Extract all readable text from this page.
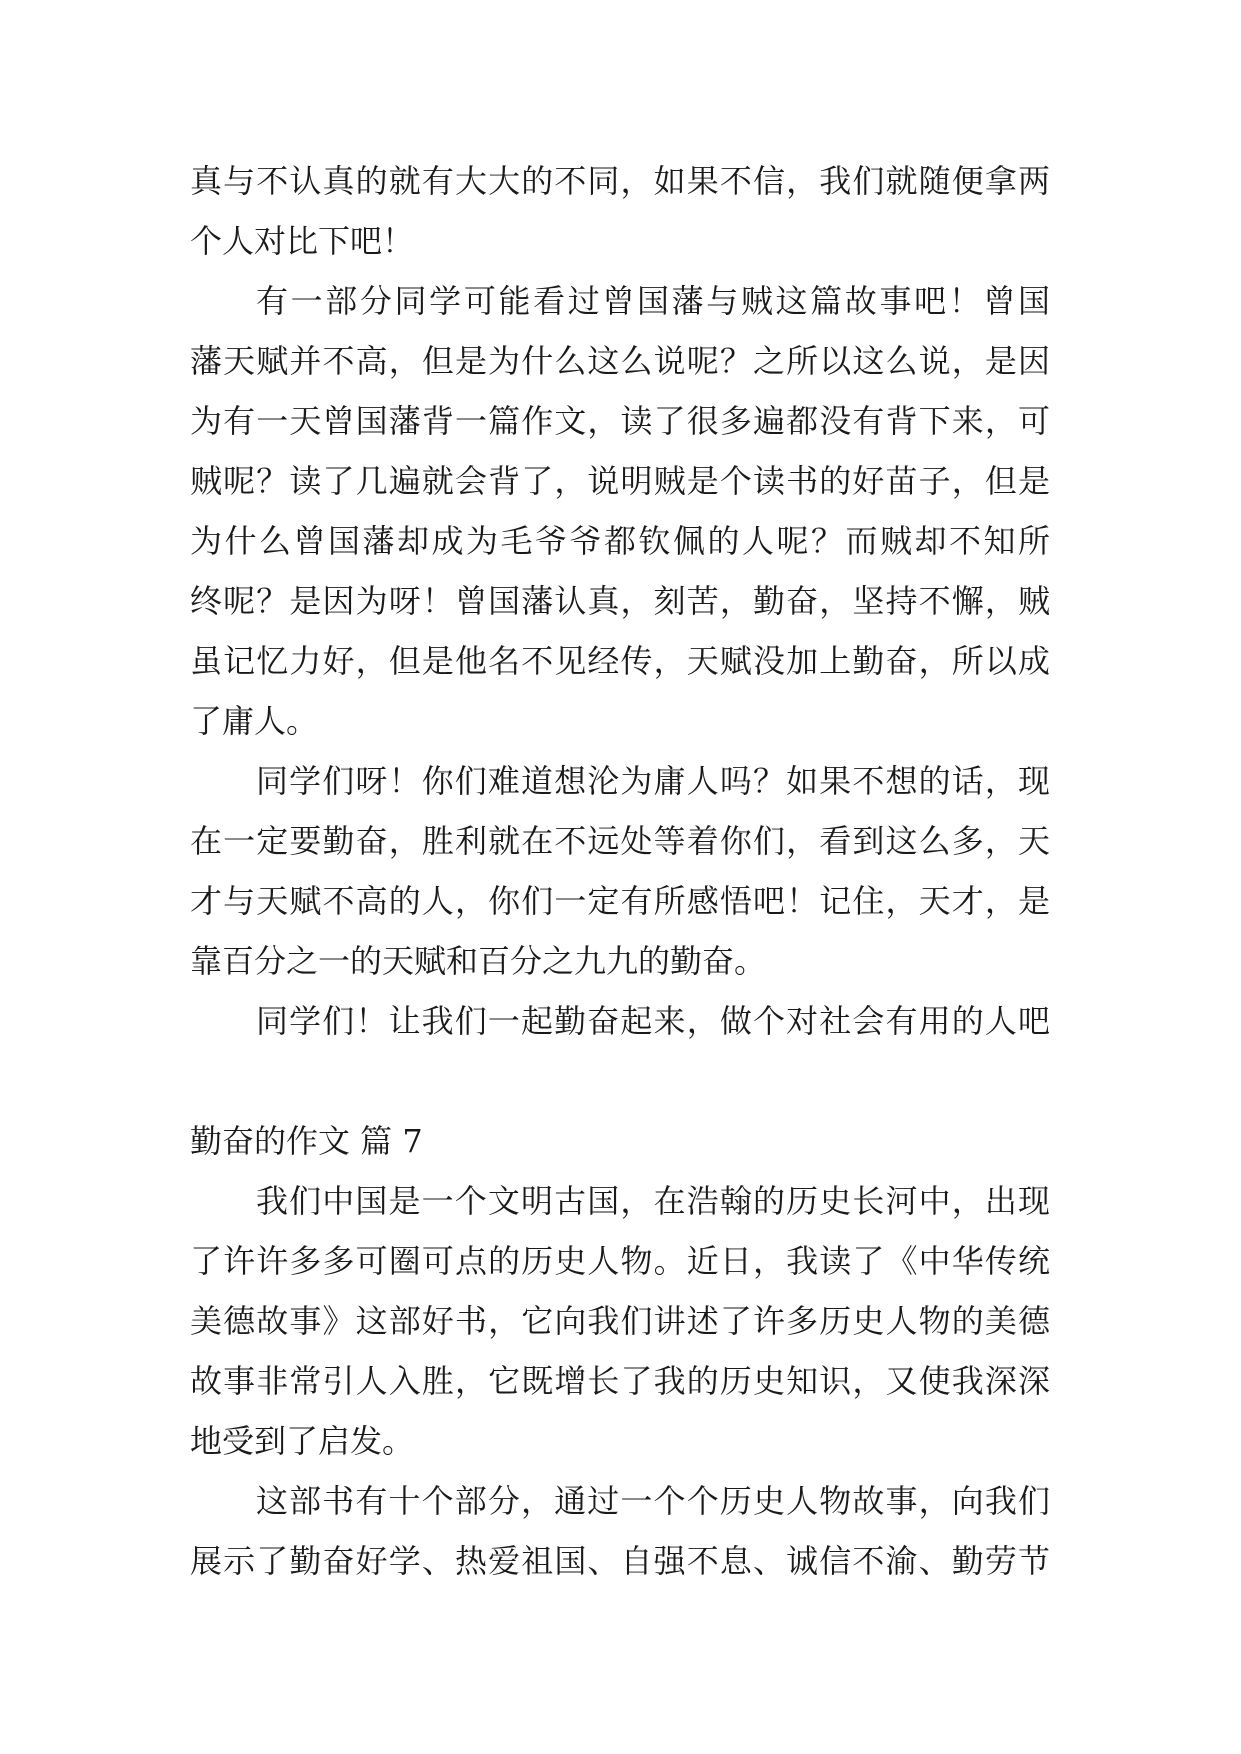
真与不认真的就有大大的不同，如果不信，我们就随便拿两
个人对比下吧！
有一部分同学可能看过曾国藩与贼这篇故事吧！曾国
藩天赋并不高，但是为什么这么说呢？之所以这么说，是因
为有一天曾国藩背一篇作文，读了很多遍都没有背下来，可
贼呢？读了几遍就会背了，说明贼是个读书的好苗子，但是
为什么曾国藩却成为毛爷爷都钦佩的人呢？而贼却不知所
终呢？是因为呀！曾国藩认真，刻苦，勤奋，坚持不懈，贼
虽记忆力好，但是他名不见经传，天赋没加上勤奋，所以成
了庸人。
同学们呀！你们难道想沦为庸人吗？如果不想的话，现
在一定要勤奋，胜利就在不远处等着你们，看到这么多，天
才与天赋不高的人，你们一定有所感悟吧！记住，天才，是
靠百分之一的天赋和百分之九九的勤奋。
同学们！让我们一起勤奋起来，做个对社会有用的人吧
勤奋的作文 篇 7
我们中国是一个文明古国，在浩翰的历史长河中，出现
了许许多多可圈可点的历史人物。近日，我读了《中华传统
美德故事》这部好书，它向我们讲述了许多历史人物的美德
故事非常引人入胜，它既增长了我的历史知识，又使我深深
地受到了启发。
这部书有十个部分，通过一个个历史人物故事，向我们
展示了勤奋好学、热爱祖国、自强不息、诚信不渝、勤劳节
